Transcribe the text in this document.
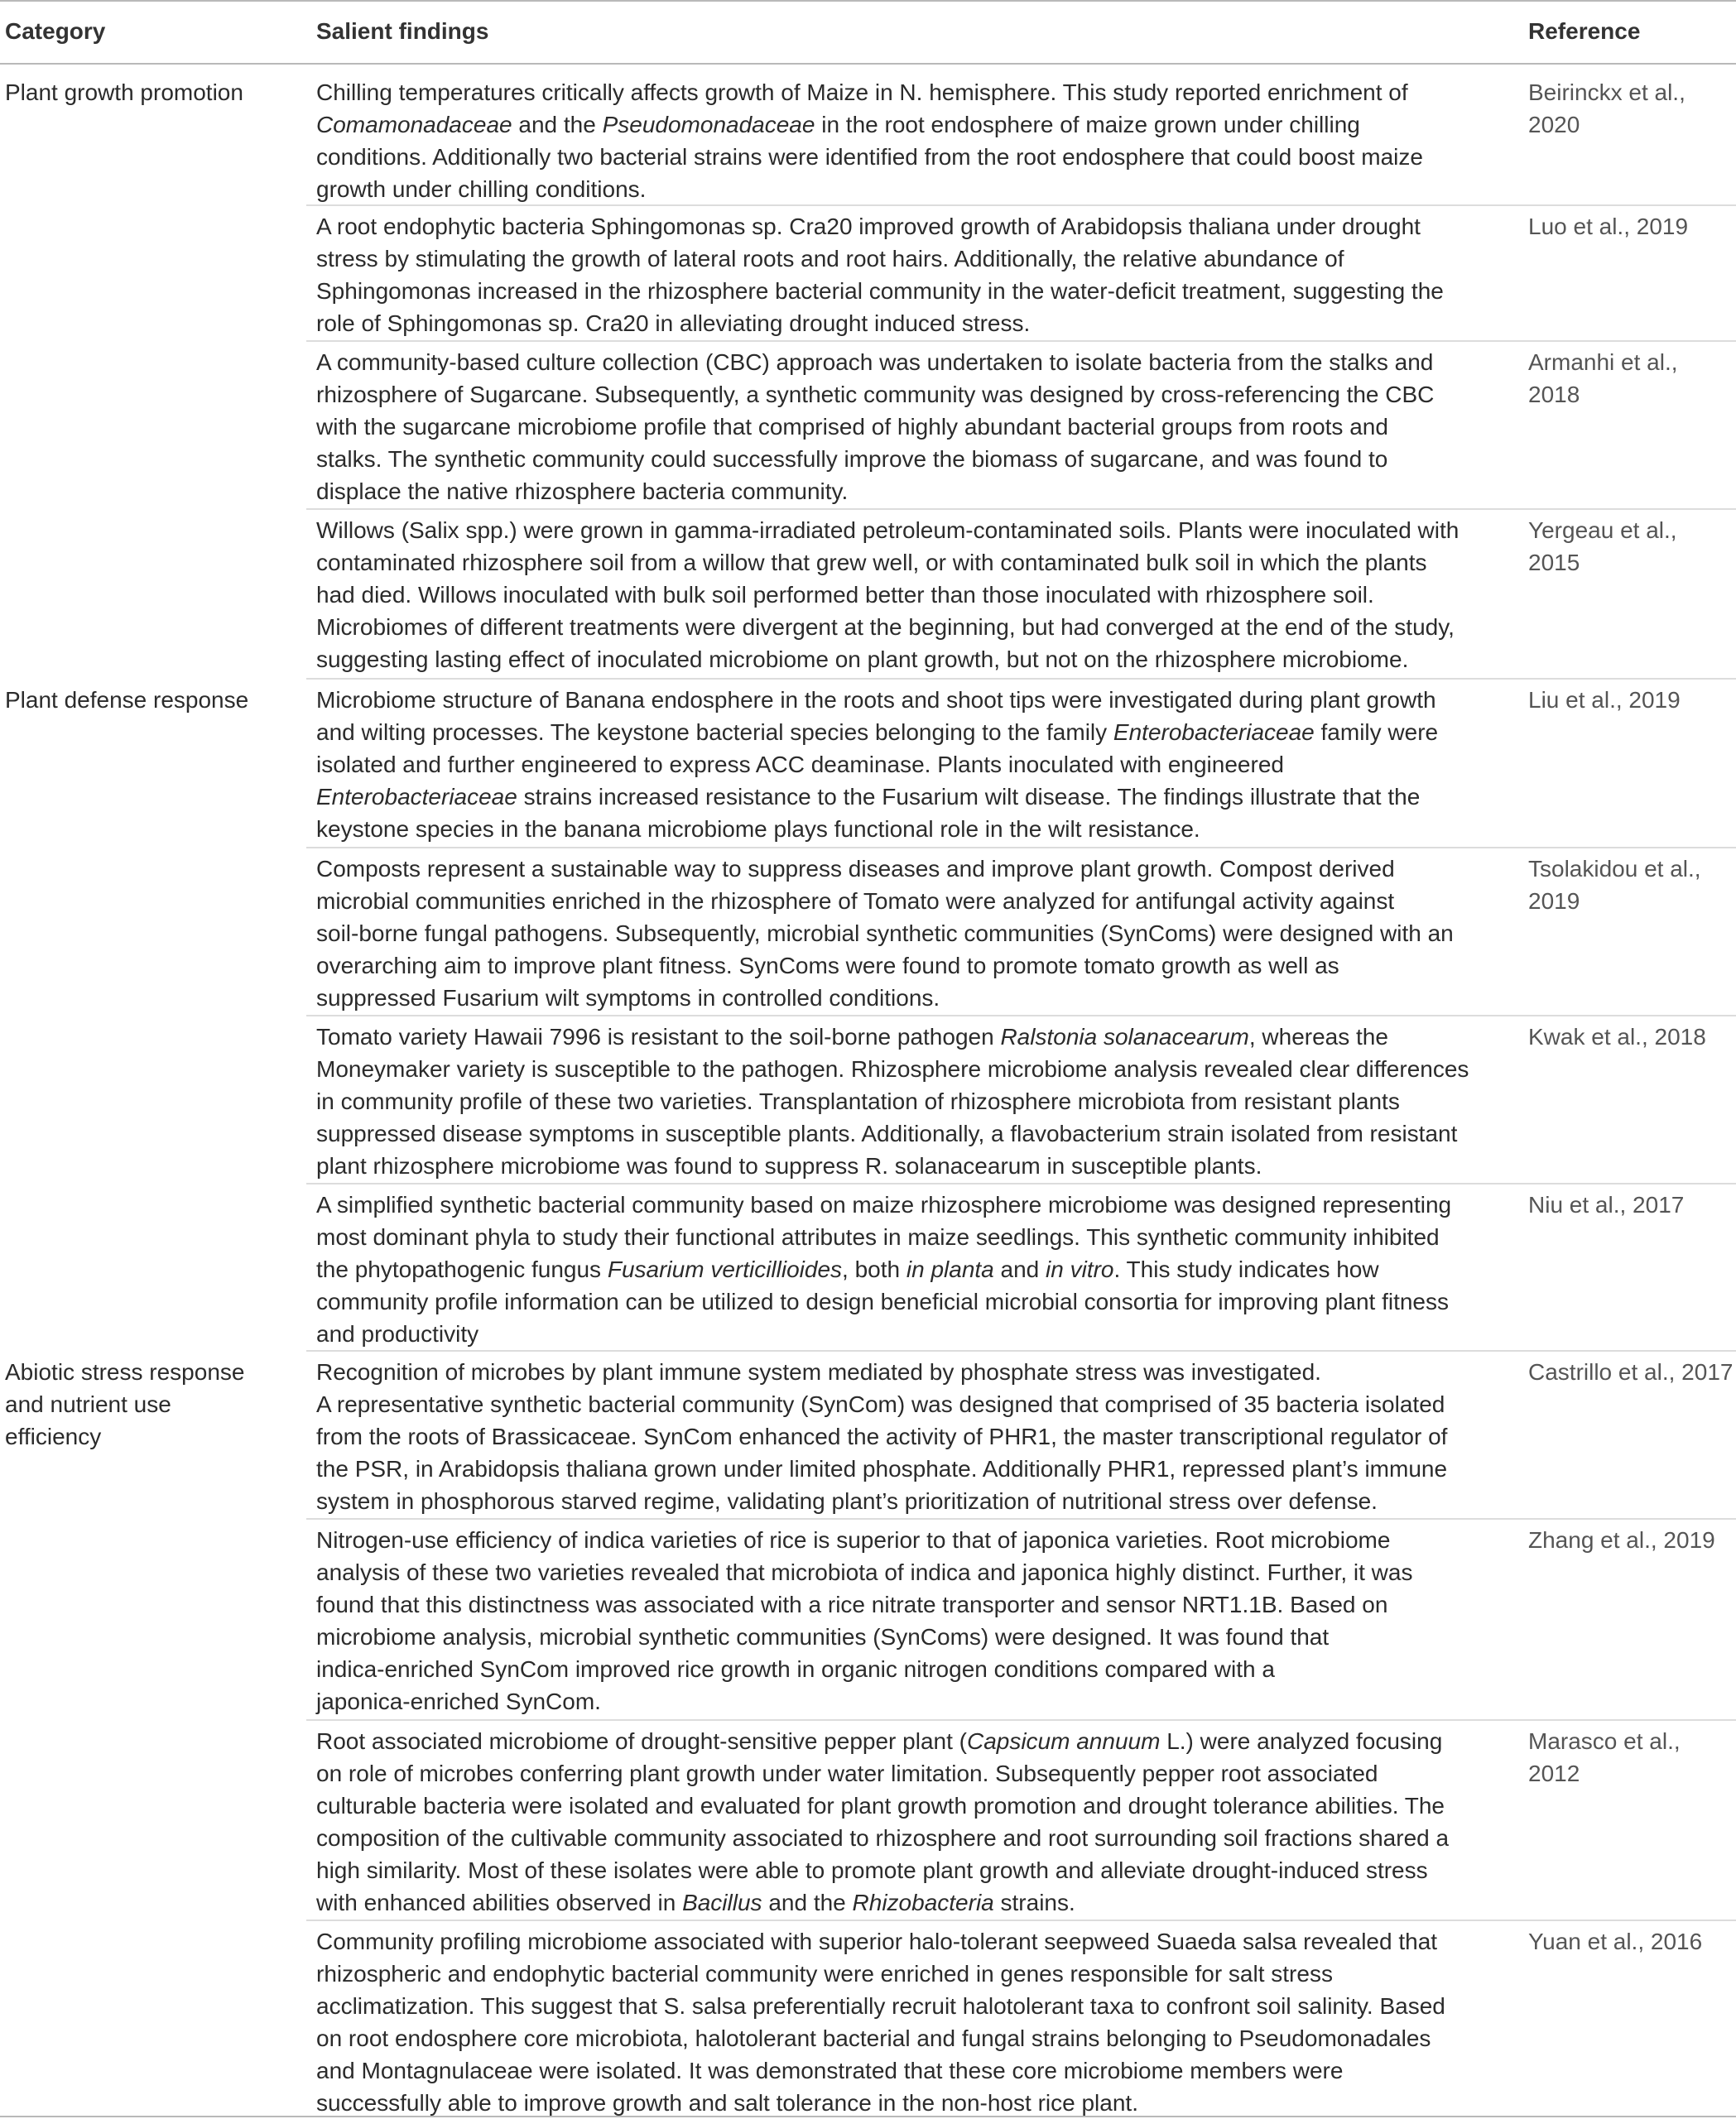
Category	Salient findings	Reference
Plant growth promotion
Plant defense response
Abiotic stress response
and nutrient use
efficiency
Chilling temperatures critically affects growth of Maize in N. hemisphere. This study reported enrichment of
Comamonadaceae and the Pseudomonadaceae in the root endosphere of maize grown under chilling
conditions. Additionally two bacterial strains were identified from the root endosphere that could boost maize
growth under chilling conditions.
Beirinckx et al.,
2020
A root endophytic bacteria Sphingomonas sp. Cra20 improved growth of Arabidopsis thaliana under drought
stress by stimulating the growth of lateral roots and root hairs. Additionally, the relative abundance of
Sphingomonas increased in the rhizosphere bacterial community in the water-deficit treatment, suggesting the
role of Sphingomonas sp. Cra20 in alleviating drought induced stress.
Luo et al., 2019
A community-based culture collection (CBC) approach was undertaken to isolate bacteria from the stalks and
rhizosphere of Sugarcane. Subsequently, a synthetic community was designed by cross-referencing the CBC
with the sugarcane microbiome profile that comprised of highly abundant bacterial groups from roots and
stalks. The synthetic community could successfully improve the biomass of sugarcane, and was found to
displace the native rhizosphere bacteria community.
Armanhi et al.,
2018
Willows (Salix spp.) were grown in gamma-irradiated petroleum-contaminated soils. Plants were inoculated with
contaminated rhizosphere soil from a willow that grew well, or with contaminated bulk soil in which the plants
had died. Willows inoculated with bulk soil performed better than those inoculated with rhizosphere soil.
Microbiomes of different treatments were divergent at the beginning, but had converged at the end of the study,
suggesting lasting effect of inoculated microbiome on plant growth, but not on the rhizosphere microbiome.
Yergeau et al.,
2015
Microbiome structure of Banana endosphere in the roots and shoot tips were investigated during plant growth
and wilting processes. The keystone bacterial species belonging to the family Enterobacteriaceae family were
isolated and further engineered to express ACC deaminase. Plants inoculated with engineered
Enterobacteriaceae strains increased resistance to the Fusarium wilt disease. The findings illustrate that the
keystone species in the banana microbiome plays functional role in the wilt resistance.
Liu et al., 2019
Composts represent a sustainable way to suppress diseases and improve plant growth. Compost derived
microbial communities enriched in the rhizosphere of Tomato were analyzed for antifungal activity against
soil-borne fungal pathogens. Subsequently, microbial synthetic communities (SynComs) were designed with an
overarching aim to improve plant fitness. SynComs were found to promote tomato growth as well as
suppressed Fusarium wilt symptoms in controlled conditions.
Tsolakidou et al.,
2019
Tomato variety Hawaii 7996 is resistant to the soil-borne pathogen Ralstonia solanacearum, whereas the
Moneymaker variety is susceptible to the pathogen. Rhizosphere microbiome analysis revealed clear differences
in community profile of these two varieties. Transplantation of rhizosphere microbiota from resistant plants
suppressed disease symptoms in susceptible plants. Additionally, a flavobacterium strain isolated from resistant
plant rhizosphere microbiome was found to suppress R. solanacearum in susceptible plants.
Kwak et al., 2018
A simplified synthetic bacterial community based on maize rhizosphere microbiome was designed representing
most dominant phyla to study their functional attributes in maize seedlings. This synthetic community inhibited
the phytopathogenic fungus Fusarium verticillioides, both in planta and in vitro. This study indicates how
community profile information can be utilized to design beneficial microbial consortia for improving plant fitness
and productivity
Niu et al., 2017
Recognition of microbes by plant immune system mediated by phosphate stress was investigated.
A representative synthetic bacterial community (SynCom) was designed that comprised of 35 bacteria isolated
from the roots of Brassicaceae. SynCom enhanced the activity of PHR1, the master transcriptional regulator of
the PSR, in Arabidopsis thaliana grown under limited phosphate. Additionally PHR1, repressed plant’s immune
system in phosphorous starved regime, validating plant’s prioritization of nutritional stress over defense.
Castrillo et al., 2017
Nitrogen-use efficiency of indica varieties of rice is superior to that of japonica varieties. Root microbiome
analysis of these two varieties revealed that microbiota of indica and japonica highly distinct. Further, it was
found that this distinctness was associated with a rice nitrate transporter and sensor NRT1.1B. Based on
microbiome analysis, microbial synthetic communities (SynComs) were designed. It was found that
indica-enriched SynCom improved rice growth in organic nitrogen conditions compared with a
japonica-enriched SynCom.
Zhang et al., 2019
Root associated microbiome of drought-sensitive pepper plant (Capsicum annuum L.) were analyzed focusing
on role of microbes conferring plant growth under water limitation. Subsequently pepper root associated
culturable bacteria were isolated and evaluated for plant growth promotion and drought tolerance abilities. The
composition of the cultivable community associated to rhizosphere and root surrounding soil fractions shared a
high similarity. Most of these isolates were able to promote plant growth and alleviate drought-induced stress
with enhanced abilities observed in Bacillus and the Rhizobacteria strains.
Marasco et al.,
2012
Community profiling microbiome associated with superior halo-tolerant seepweed Suaeda salsa revealed that
rhizospheric and endophytic bacterial community were enriched in genes responsible for salt stress
acclimatization. This suggest that S. salsa preferentially recruit halotolerant taxa to confront soil salinity. Based
on root endosphere core microbiota, halotolerant bacterial and fungal strains belonging to Pseudomonadales
and Montagnulaceae were isolated. It was demonstrated that these core microbiome members were
successfully able to improve growth and salt tolerance in the non-host rice plant.
Yuan et al., 2016
